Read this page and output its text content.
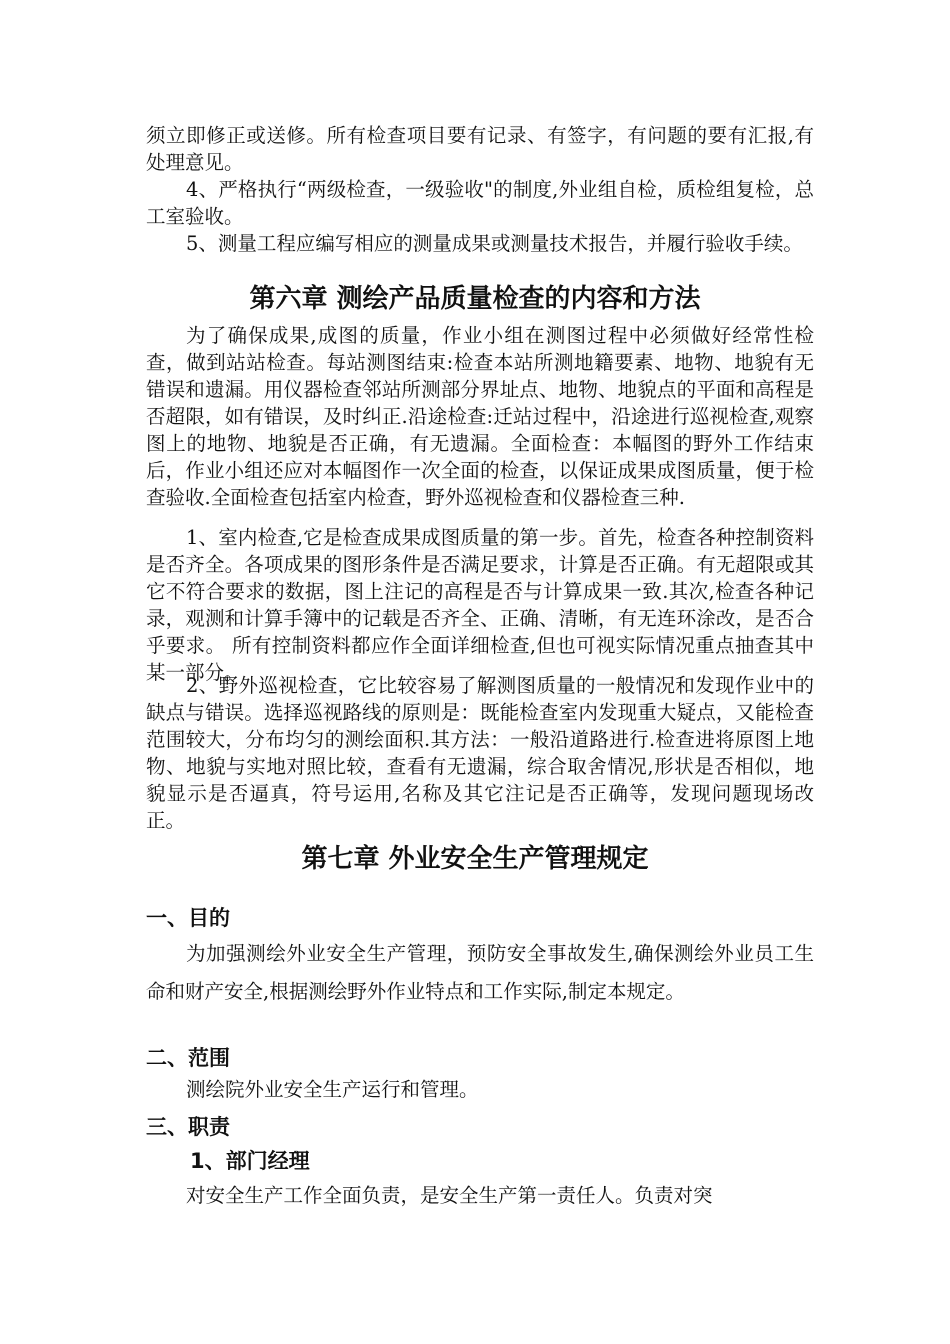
须立即修正或送修。所有检查项目要有记录、有签字，有问题的要有汇报,有处理意见。
4、严格执行“两级检查，一级验收"的制度,外业组自检，质检组复检，总工室验收。
5、测量工程应编写相应的测量成果或测量技术报告，并履行验收手续。
第六章 测绘产品质量检查的内容和方法
为了确保成果,成图的质量，作业小组在测图过程中必须做好经常性检查，做到站站检查。每站测图结束:检查本站所测地籍要素、地物、地貌有无错误和遗漏。用仪器检查邻站所测部分界址点、地物、地貌点的平面和高程是否超限，如有错误，及时纠正.沿途检查:迁站过程中，沿途进行巡视检查,观察图上的地物、地貌是否正确，有无遗漏。全面检查：本幅图的野外工作结束后，作业小组还应对本幅图作一次全面的检查，以保证成果成图质量，便于检查验收.全面检查包括室内检查，野外巡视检查和仪器检查三种.
1、室内检查,它是检查成果成图质量的第一步。首先，检查各种控制资料是否齐全。各项成果的图形条件是否满足要求，计算是否正确。有无超限或其它不符合要求的数据，图上注记的高程是否与计算成果一致.其次,检查各种记录，观测和计算手簿中的记载是否齐全、正确、清晰，有无连环涂改，是否合乎要求。 所有控制资料都应作全面详细检查,但也可视实际情况重点抽查其中某一部分。
2、野外巡视检查，它比较容易了解测图质量的一般情况和发现作业中的缺点与错误。选择巡视路线的原则是：既能检查室内发现重大疑点，又能检查范围较大，分布均匀的测绘面积.其方法：一般沿道路进行.检查进将原图上地物、地貌与实地对照比较，查看有无遗漏，综合取舍情况,形状是否相似，地貌显示是否逼真，符号运用,名称及其它注记是否正确等，发现问题现场改正。
第七章 外业安全生产管理规定
一、目的
为加强测绘外业安全生产管理，预防安全事故发生,确保测绘外业员工生命和财产安全,根据测绘野外作业特点和工作实际,制定本规定。
二、范围
测绘院外业安全生产运行和管理。
三、职责
1、部门经理
对安全生产工作全面负责，是安全生产第一责任人。负责对突
